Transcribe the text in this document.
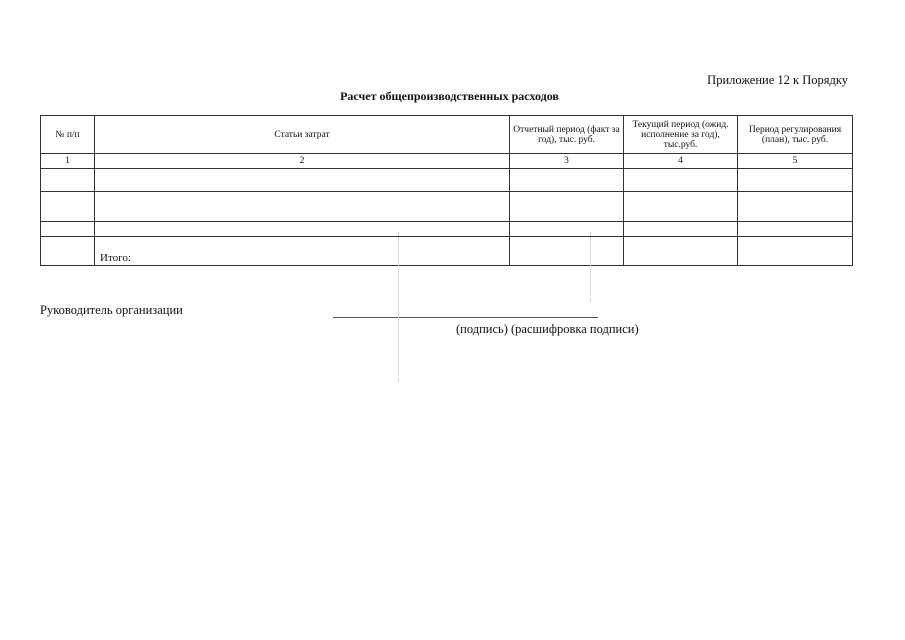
Приложение 12 к Порядку
Расчет общепроизводственных расходов
№ п/п	Статьи затрат	Отчетный период (факт за год), тыс. руб.	Текущий период (ожид. исполнение за год), тыс.руб.	Период регулирования (план), тыс. руб.
1	2	3	4	5

	Итого:			
Руководитель организации
(подпись) (расшифровка подписи)
